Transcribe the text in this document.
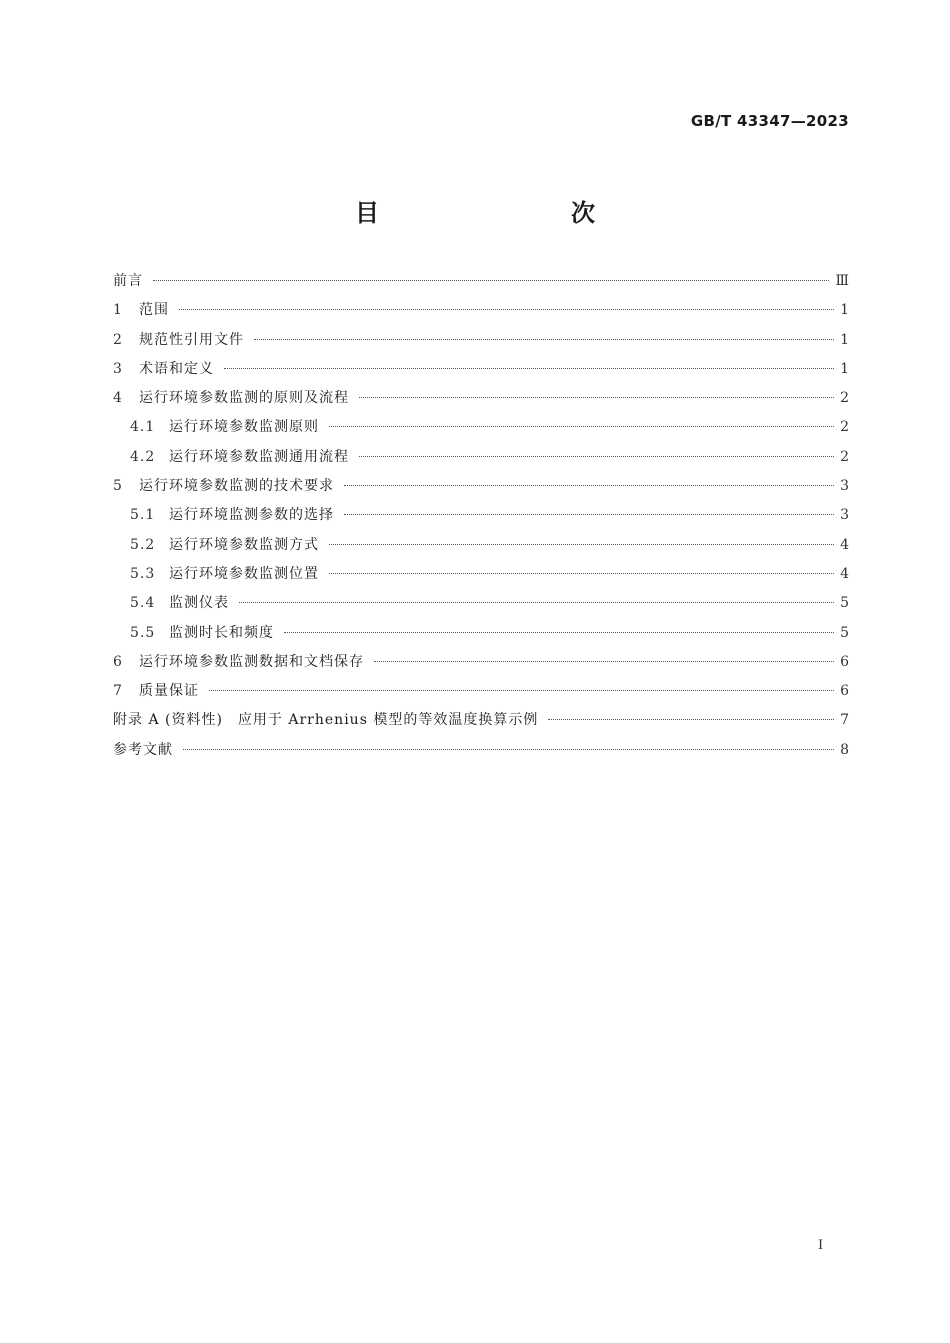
GB/T 43347—2023
目　　次
前言	Ⅲ
1	范围	1
2	规范性引用文件	1
3	术语和定义	1
4	运行环境参数监测的原则及流程	2
4.1 运行环境参数监测原则	2
4.2 运行环境参数监测通用流程	2
5	运行环境参数监测的技术要求	3
5.1 运行环境监测参数的选择	3
5.2 运行环境参数监测方式	4
5.3 运行环境参数监测位置	4
5.4 监测仪表	5
5.5 监测时长和频度	5
6	运行环境参数监测数据和文档保存	6
7	质量保证	6
附录 A (资料性)　应用于 Arrhenius 模型的等效温度换算示例	7
参考文献	8
I
